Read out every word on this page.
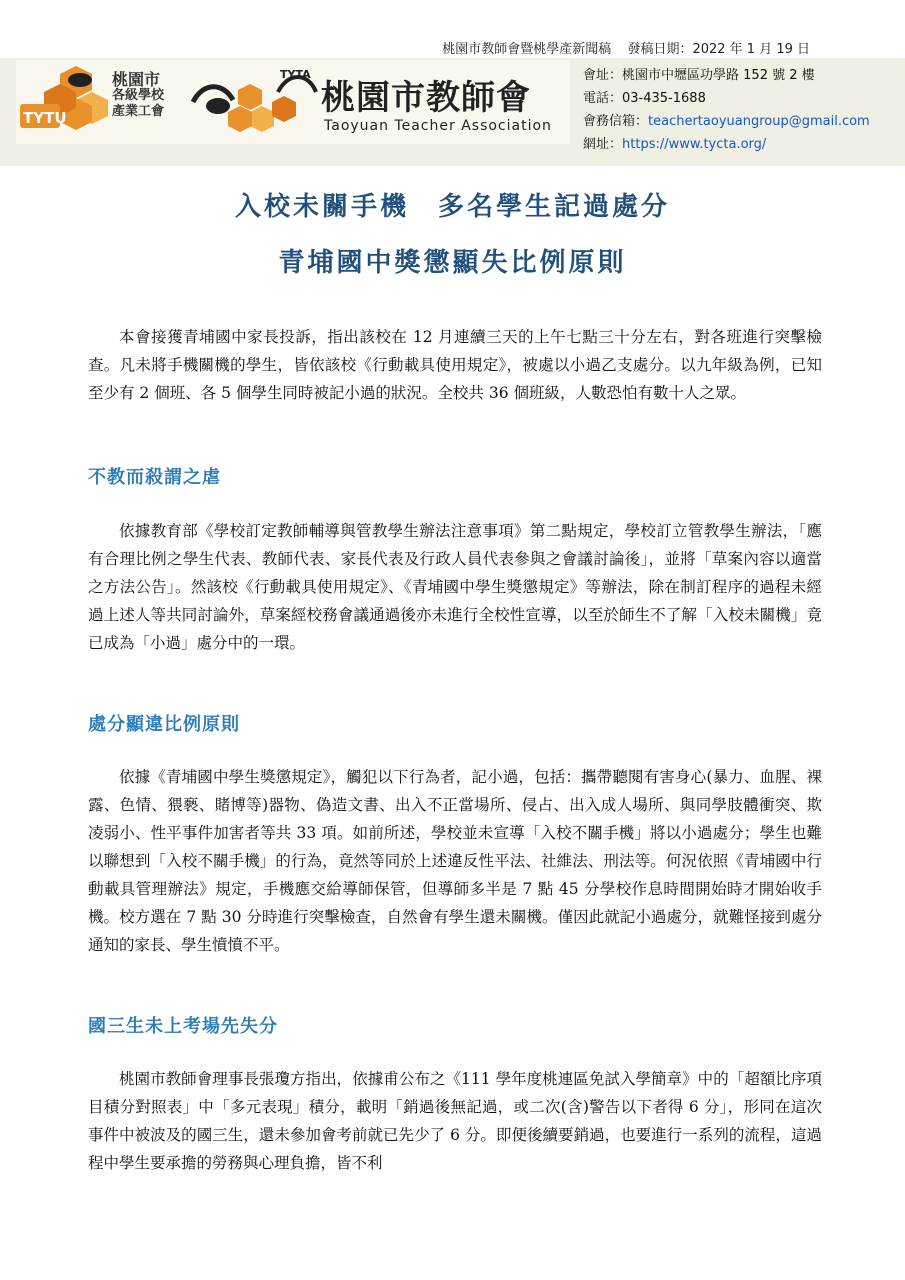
桃園市教師會暨桃學產新聞稿 發稿日期：2022 年 1 月 19 日
TYTU
桃園市
各級學校
產業工會
TYTA
桃園市教師會
Taoyuan Teacher Association
會址：桃園市中壢區功學路 152 號 2 樓
電話：03-435-1688
會務信箱：teachertaoyuangroup@gmail.com
網址：https://www.tycta.org/
入校未關手機　多名學生記過處分
青埔國中獎懲顯失比例原則

本會接獲青埔國中家長投訴，指出該校在 12 月連續三天的上午七點三十分左右，對各班進行突擊檢查。凡未將手機關機的學生，皆依該校《行動載具使用規定》，被處以小過乙支處分。以九年級為例，已知至少有 2 個班、各 5 個學生同時被記小過的狀況。全校共 36 個班級，人數恐怕有數十人之眾。

不教而殺謂之虐

依據教育部《學校訂定教師輔導與管教學生辦法注意事項》第二點規定，學校訂立管教學生辦法，「應有合理比例之學生代表、教師代表、家長代表及行政人員代表參與之會議討論後」，並將「草案內容以適當之方法公告」。然該校《行動載具使用規定》、《青埔國中學生獎懲規定》等辦法，除在制訂程序的過程未經過上述人等共同討論外，草案經校務會議通過後亦未進行全校性宣導，以至於師生不了解「入校未關機」竟已成為「小過」處分中的一環。

處分顯違比例原則

依據《青埔國中學生獎懲規定》，觸犯以下行為者，記小過，包括：攜帶聽閱有害身心(暴力、血腥、裸露、色情、猥褻、賭博等)器物、偽造文書、出入不正當場所、侵占、出入成人場所、與同學肢體衝突、欺凌弱小、性平事件加害者等共 33 項。如前所述，學校並未宣導「入校不關手機」將以小過處分；學生也難以聯想到「入校不關手機」的行為，竟然等同於上述違反性平法、社維法、刑法等。何況依照《青埔國中行動載具管理辦法》規定，手機應交給導師保管，但導師多半是 7 點 45 分學校作息時間開始時才開始收手機。校方選在 7 點 30 分時進行突擊檢查，自然會有學生還未關機。僅因此就記小過處分，就難怪接到處分通知的家長、學生憤憤不平。

國三生未上考場先失分

桃園市教師會理事長張瓊方指出，依據甫公布之《111 學年度桃連區免試入學簡章》中的「超額比序項目積分對照表」中「多元表現」積分，載明「銷過後無記過，或二次(含)警告以下者得 6 分」，形同在這次事件中被波及的國三生，還未參加會考前就已先少了 6 分。即便後續要銷過，也要進行一系列的流程，這過程中學生要承擔的勞務與心理負擔，皆不利
